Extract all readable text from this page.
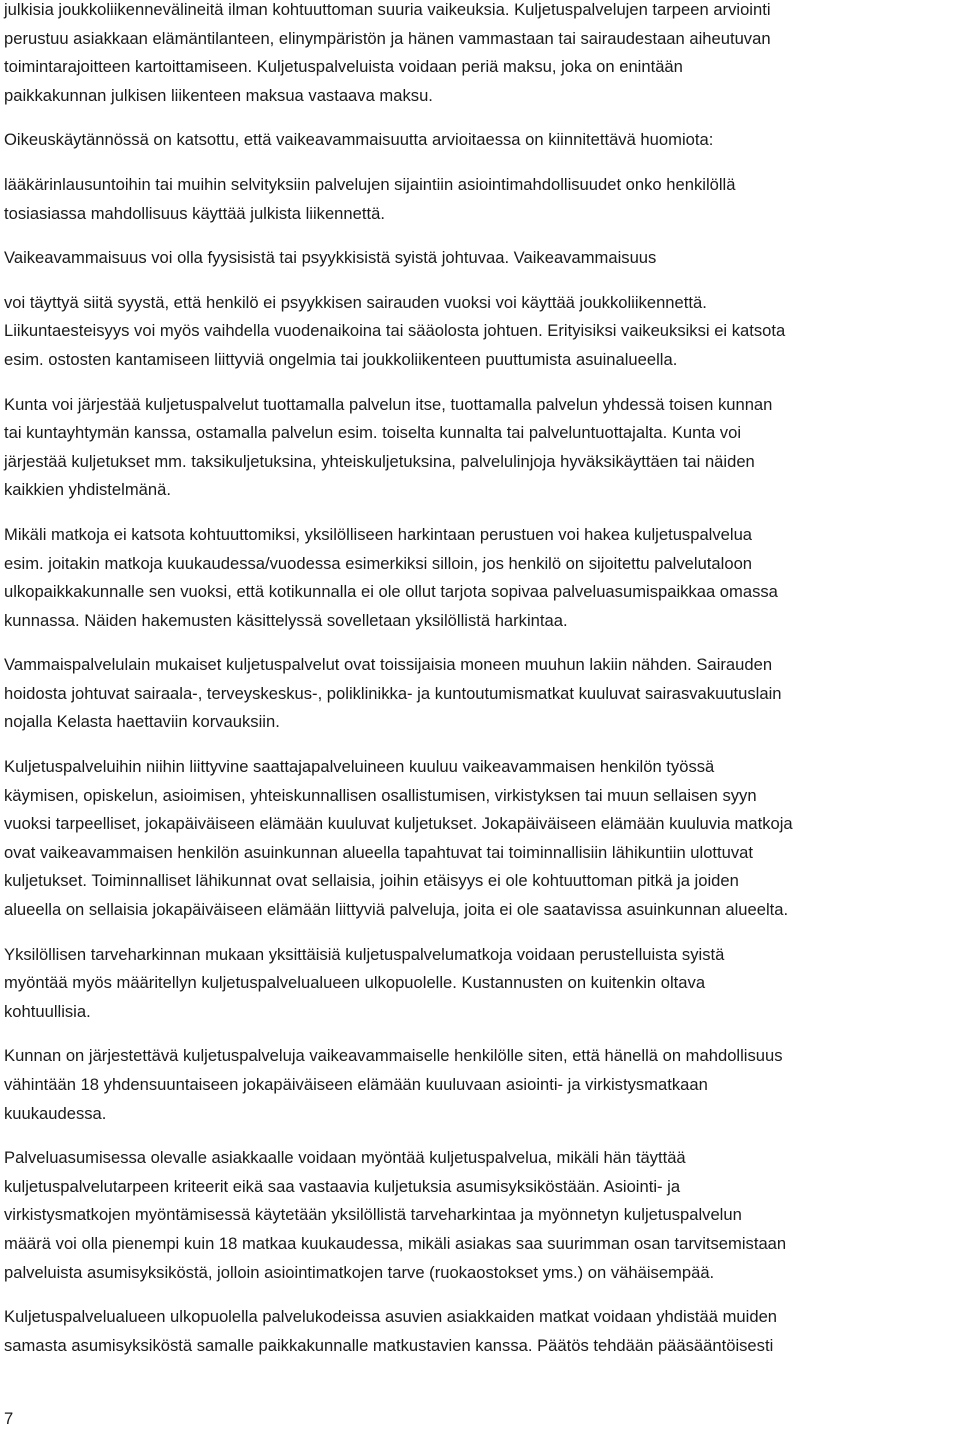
julkisia joukkoliikennevälineitä ilman kohtuuttoman suuria vaikeuksia. Kuljetuspalvelujen tarpeen arviointi
perustuu asiakkaan elämäntilanteen, elinympäristön ja hänen vammastaan tai sairaudestaan aiheutuvan
toimintarajoitteen kartoittamiseen. Kuljetuspalveluista voidaan periä maksu, joka on enintään
paikkakunnan julkisen liikenteen maksua vastaava maksu.

Oikeuskäytännössä on katsottu, että vaikeavammaisuutta arvioitaessa on kiinnitettävä huomiota:

lääkärinlausuntoihin tai muihin selvityksiin palvelujen sijaintiin asiointimahdollisuudet onko henkilöllä
tosiasiassa mahdollisuus käyttää julkista liikennettä.

Vaikeavammaisuus voi olla fyysisistä tai psyykkisistä syistä johtuvaa. Vaikeavammaisuus

voi täyttyä siitä syystä, että henkilö ei psyykkisen sairauden vuoksi voi käyttää joukkoliikennettä.
Liikuntaesteisyys voi myös vaihdella vuodenaikoina tai sääolosta johtuen. Erityisiksi vaikeuksiksi ei katsota
esim. ostosten kantamiseen liittyviä ongelmia tai joukkoliikenteen puuttumista asuinalueella.

Kunta voi järjestää kuljetuspalvelut tuottamalla palvelun itse, tuottamalla palvelun yhdessä toisen kunnan
tai kuntayhtymän kanssa, ostamalla palvelun esim. toiselta kunnalta tai palveluntuottajalta. Kunta voi
järjestää kuljetukset mm. taksikuljetuksina, yhteiskuljetuksina, palvelulinjoja hyväksikäyttäen tai näiden
kaikkien yhdistelmänä.

Mikäli matkoja ei katsota kohtuuttomiksi, yksilölliseen harkintaan perustuen voi hakea kuljetuspalvelua
esim. joitakin matkoja kuukaudessa/vuodessa esimerkiksi silloin, jos henkilö on sijoitettu palvelutaloon
ulkopaikkakunnalle sen vuoksi, että kotikunnalla ei ole ollut tarjota sopivaa palveluasumispaikkaa omassa
kunnassa. Näiden hakemusten käsittelyssä sovelletaan yksilöllistä harkintaa.

Vammaispalvelulain mukaiset kuljetuspalvelut ovat toissijaisia moneen muuhun lakiin nähden. Sairauden
hoidosta johtuvat sairaala-, terveyskeskus-, poliklinikka- ja kuntoutumismatkat kuuluvat sairasvakuutuslain
nojalla Kelasta haettaviin korvauksiin.

Kuljetuspalveluihin niihin liittyvine saattajapalveluineen kuuluu vaikeavammaisen henkilön työssä
käymisen, opiskelun, asioimisen, yhteiskunnallisen osallistumisen, virkistyksen tai muun sellaisen syyn
vuoksi tarpeelliset, jokapäiväiseen elämään kuuluvat kuljetukset. Jokapäiväiseen elämään kuuluvia matkoja
ovat vaikeavammaisen henkilön asuinkunnan alueella tapahtuvat tai toiminnallisiin lähikuntiin ulottuvat
kuljetukset. Toiminnalliset lähikunnat ovat sellaisia, joihin etäisyys ei ole kohtuuttoman pitkä ja joiden
alueella on sellaisia jokapäiväiseen elämään liittyviä palveluja, joita ei ole saatavissa asuinkunnan alueelta.

Yksilöllisen tarveharkinnan mukaan yksittäisiä kuljetuspalvelumatkoja voidaan perustelluista syistä
myöntää myös määritellyn kuljetuspalvelualueen ulkopuolelle. Kustannusten on kuitenkin oltava
kohtuullisia.

Kunnan on järjestettävä kuljetuspalveluja vaikeavammaiselle henkilölle siten, että hänellä on mahdollisuus
vähintään 18 yhdensuuntaiseen jokapäiväiseen elämään kuuluvaan asiointi- ja virkistysmatkaan
kuukaudessa.

Palveluasumisessa olevalle asiakkaalle voidaan myöntää kuljetuspalvelua, mikäli hän täyttää
kuljetuspalvelutarpeen kriteerit eikä saa vastaavia kuljetuksia asumisyksiköstään. Asiointi- ja
virkistysmatkojen myöntämisessä käytetään yksilöllistä tarveharkintaa ja myönnetyn kuljetuspalvelun
määrä voi olla pienempi kuin 18 matkaa kuukaudessa, mikäli asiakas saa suurimman osan tarvitsemistaan
palveluista asumisyksiköstä, jolloin asiointimatkojen tarve (ruokaostokset yms.) on vähäisempää.

Kuljetuspalvelualueen ulkopuolella palvelukodeissa asuvien asiakkaiden matkat voidaan yhdistää muiden
samasta asumisyksiköstä samalle paikkakunnalle matkustavien kanssa. Päätös tehdään pääsääntöisesti

7
